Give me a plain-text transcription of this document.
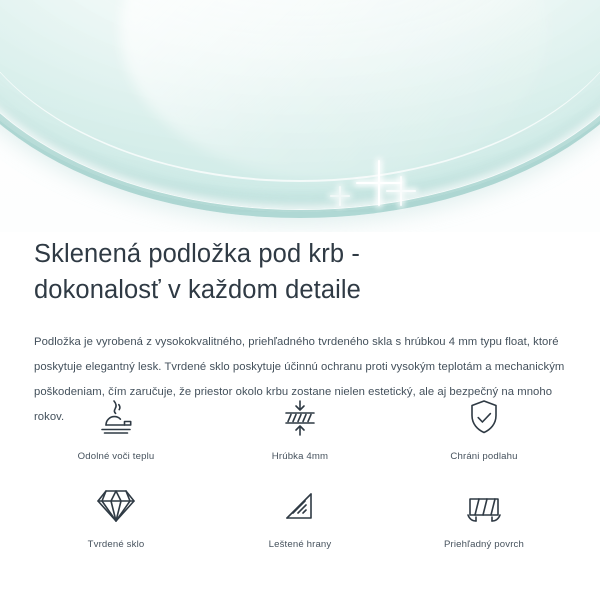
Sklenená podložka pod krb -
dokonalosť v každom detaile

Podložka je vyrobená z vysokokvalitného, priehľadného tvrdeného skla s hrúbkou 4 mm typu float, ktoré poskytuje elegantný lesk. Tvrdené sklo poskytuje účinnú ochranu proti vysokým teplotám a mechanickým poškodeniam, čím zaručuje, že priestor okolo krbu zostane nielen estetický, ale aj bezpečný na mnoho rokov.

Odolné voči teplu	Hrúbka 4mm	Chráni podlahu
Tvrdené sklo	Leštené hrany	Priehľadný povrch
